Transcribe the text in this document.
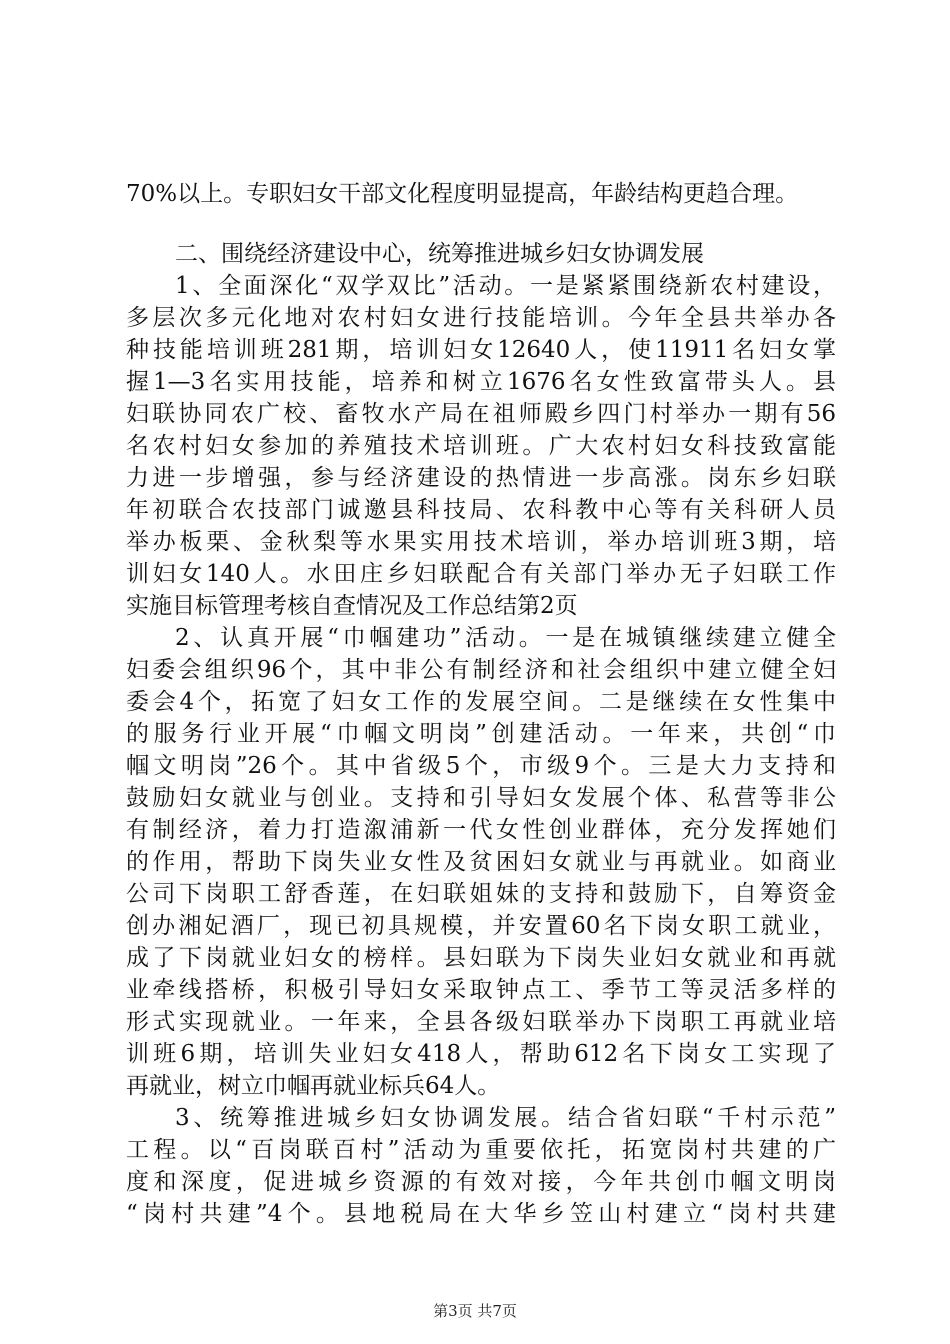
70%以上。专职妇女干部文化程度明显提高，年龄结构更趋合理。
二、围绕经济建设中心，统筹推进城乡妇女协调发展
1、全面深化“双学双比”活动。一是紧紧围绕新农村建设，
多层次多元化地对农村妇女进行技能培训。今年全县共举办各
种技能培训班281期，培训妇女12640人，使11911名妇女掌
握1—3名实用技能，培养和树立1676名女性致富带头人。县
妇联协同农广校、畜牧水产局在祖师殿乡四门村举办一期有56
名农村妇女参加的养殖技术培训班。广大农村妇女科技致富能
力进一步增强，参与经济建设的热情进一步高涨。岗东乡妇联
年初联合农技部门诚邀县科技局、农科教中心等有关科研人员
举办板栗、金秋梨等水果实用技术培训，举办培训班3期，培
训妇女140人。水田庄乡妇联配合有关部门举办无子妇联工作
实施目标管理考核自查情况及工作总结第2页
2、认真开展“巾帼建功”活动。一是在城镇继续建立健全
妇委会组织96个，其中非公有制经济和社会组织中建立健全妇
委会4个，拓宽了妇女工作的发展空间。二是继续在女性集中
的服务行业开展“巾帼文明岗”创建活动。一年来，共创“巾
帼文明岗”26个。其中省级5个，市级9个。三是大力支持和
鼓励妇女就业与创业。支持和引导妇女发展个体、私营等非公
有制经济，着力打造溆浦新一代女性创业群体，充分发挥她们
的作用，帮助下岗失业女性及贫困妇女就业与再就业。如商业
公司下岗职工舒香莲，在妇联姐妹的支持和鼓励下，自筹资金
创办湘妃酒厂，现已初具规模，并安置60名下岗女职工就业，
成了下岗就业妇女的榜样。县妇联为下岗失业妇女就业和再就
业牵线搭桥，积极引导妇女采取钟点工、季节工等灵活多样的
形式实现就业。一年来，全县各级妇联举办下岗职工再就业培
训班6期，培训失业妇女418人，帮助612名下岗女工实现了
再就业，树立巾帼再就业标兵64人。
3、统筹推进城乡妇女协调发展。结合省妇联“千村示范”
工程。以“百岗联百村”活动为重要依托，拓宽岗村共建的广
度和深度，促进城乡资源的有效对接，今年共创巾帼文明岗
“岗村共建”4个。县地税局在大华乡笠山村建立“岗村共建
第3页 共7页
